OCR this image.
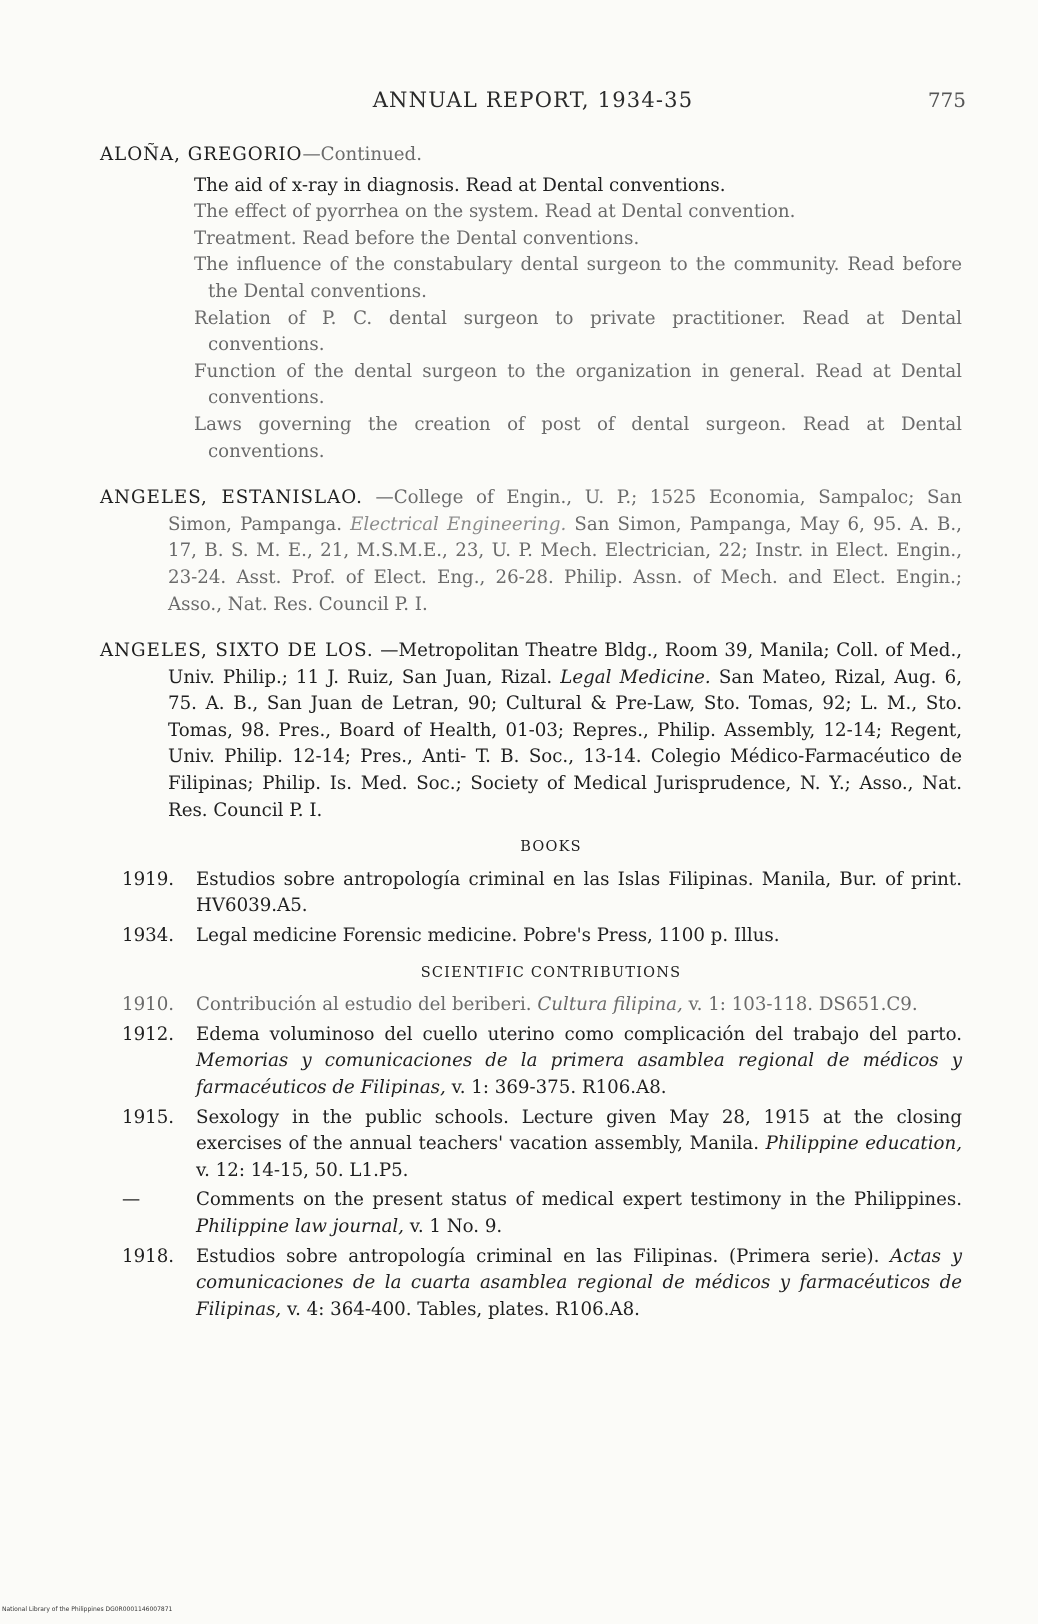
ANNUAL REPORT, 1934-35	775

ALOÑA, GREGORIO—Continued.

The aid of x-ray in diagnosis. Read at Dental conventions.

The effect of pyorrhea on the system. Read at Dental convention.

Treatment. Read before the Dental conventions.

The influence of the constabulary dental surgeon to the community. Read before the Dental conventions.

Relation of P. C. dental surgeon to private practitioner. Read at Dental conventions.

Function of the dental surgeon to the organization in general. Read at Dental conventions.

Laws governing the creation of post of dental surgeon. Read at Dental conventions.

ANGELES, ESTANISLAO. —College of Engin., U. P.; 1525 Economia, Sampaloc; San Simon, Pampanga. Electrical Engineering. San Simon, Pampanga, May 6, 95. A. B., 17, B. S. M. E., 21, M.S.M.E., 23, U. P. Mech. Electrician, 22; Instr. in Elect. Engin., 23-24. Asst. Prof. of Elect. Eng., 26-28. Philip. Assn. of Mech. and Elect. Engin.; Asso., Nat. Res. Council P. I.

ANGELES, SIXTO DE LOS. —Metropolitan Theatre Bldg., Room 39, Manila; Coll. of Med., Univ. Philip.; 11 J. Ruiz, San Juan, Rizal. Legal Medicine. San Mateo, Rizal, Aug. 6, 75. A. B., San Juan de Letran, 90; Cultural & Pre-Law, Sto. Tomas, 92; L. M., Sto. Tomas, 98. Pres., Board of Health, 01-03; Repres., Philip. Assembly, 12-14; Regent, Univ. Philip. 12-14; Pres., Anti- T. B. Soc., 13-14. Colegio Médico-Farmacéutico de Filipinas; Philip. Is. Med. Soc.; Society of Medical Jurisprudence, N. Y.; Asso., Nat. Res. Council P. I.

BOOKS
1919.	Estudios sobre antropología criminal en las Islas Filipinas. Manila, Bur. of print. HV6039.A5.
1934.	Legal medicine Forensic medicine. Pobre's Press, 1100 p. Illus.
SCIENTIFIC CONTRIBUTIONS
1910.	Contribución al estudio del beriberi. Cultura filipina, v. 1: 103-118. DS651.C9.
1912.	Edema voluminoso del cuello uterino como complicación del trabajo del parto. Memorias y comunicaciones de la primera asamblea regional de médicos y farmacéuticos de Filipinas, v. 1: 369-375. R106.A8.
1915.	Sexology in the public schools. Lecture given May 28, 1915 at the closing exercises of the annual teachers' vacation assembly, Manila. Philippine education, v. 12: 14-15, 50. L1.P5.
—	Comments on the present status of medical expert testimony in the Philippines. Philippine law journal, v. 1 No. 9.
1918.	Estudios sobre antropología criminal en las Filipinas. (Primera serie). Actas y comunicaciones de la cuarta asamblea regional de médicos y farmacéuticos de Filipinas, v. 4: 364-400. Tables, plates. R106.A8.
National Library of the Philippines DG0R0001146007871
